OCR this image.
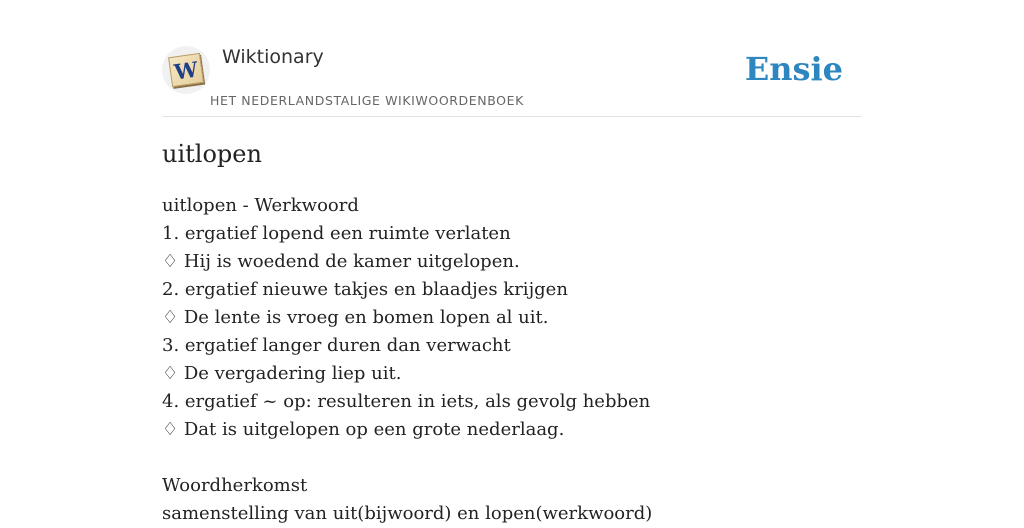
W Wiktionary
HET NEDERLANDSTALIGE WIKIWOORDENBOEK
Ensie
uitlopen
uitlopen - Werkwoord
1. ergatief lopend een ruimte verlaten
♢ Hij is woedend de kamer uitgelopen.
2. ergatief nieuwe takjes en blaadjes krijgen
♢ De lente is vroeg en bomen lopen al uit.
3. ergatief langer duren dan verwacht
♢ De vergadering liep uit.
4. ergatief ~ op: resulteren in iets, als gevolg hebben
♢ Dat is uitgelopen op een grote nederlaag.
Woordherkomst
samenstelling van uit(bijwoord) en lopen(werkwoord)
